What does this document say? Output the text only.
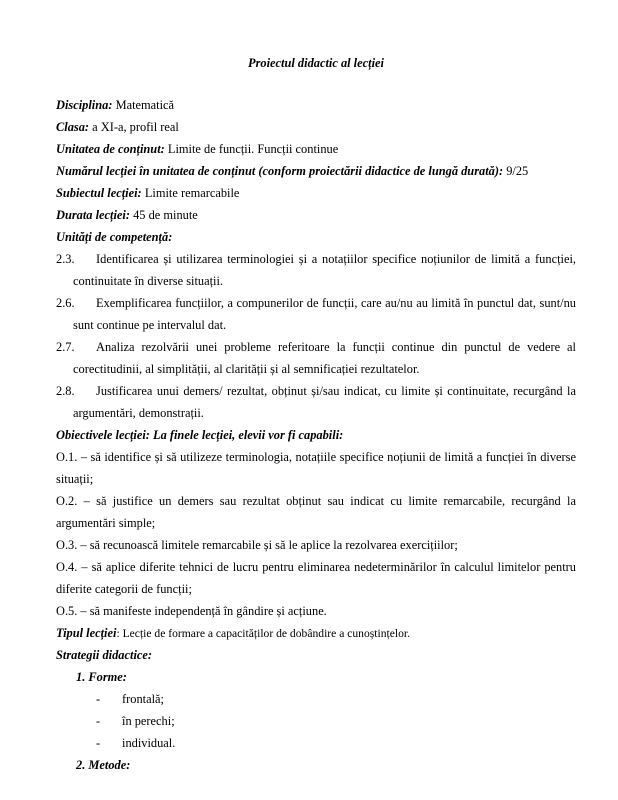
Proiectul didactic al lecției
Disciplina: Matematică
Clasa: a XI-a, profil real
Unitatea de conținut: Limite de funcții. Funcții continue
Numărul lecției în unitatea de conținut (conform proiectării didactice de lungă durată): 9/25
Subiectul lecției: Limite remarcabile
Durata lecției: 45 de minute
Unități de competență:
2.3. Identificarea și utilizarea terminologiei și a notațiilor specifice noțiunilor de limită a funcției,
continuitate în diverse situații.
2.6. Exemplificarea funcțiilor, a compunerilor de funcții, care au/nu au limită în punctul dat, sunt/nu
sunt continue pe intervalul dat.
2.7. Analiza rezolvării unei probleme referitoare la funcții continue din punctul de vedere al
corectitudinii, al simplității, al clarității și al semnificației rezultatelor.
2.8. Justificarea unui demers/ rezultat, obținut și/sau indicat, cu limite și continuitate, recurgând la
argumentări, demonstrații.
Obiectivele lecției: La finele lecției, elevii vor fi capabili:
O.1. – să identifice și să utilizeze terminologia, notațiile specifice noțiunii de limită a funcției în diverse
situații;
O.2. – să justifice un demers sau rezultat obținut sau indicat cu limite remarcabile, recurgând la
argumentări simple;
O.3. – să recunoască limitele remarcabile și să le aplice la rezolvarea exercițiilor;
O.4. – să aplice diferite tehnici de lucru pentru eliminarea nedeterminărilor în calculul limitelor pentru
diferite categorii de funcții;
O.5. – să manifeste independență în gândire și acțiune.
Tipul lecției: Lecție de formare a capacităților de dobândire a cunoștințelor.
Strategii didactice:
1. Forme:
- frontală;
- în perechi;
- individual.
2. Metode:
